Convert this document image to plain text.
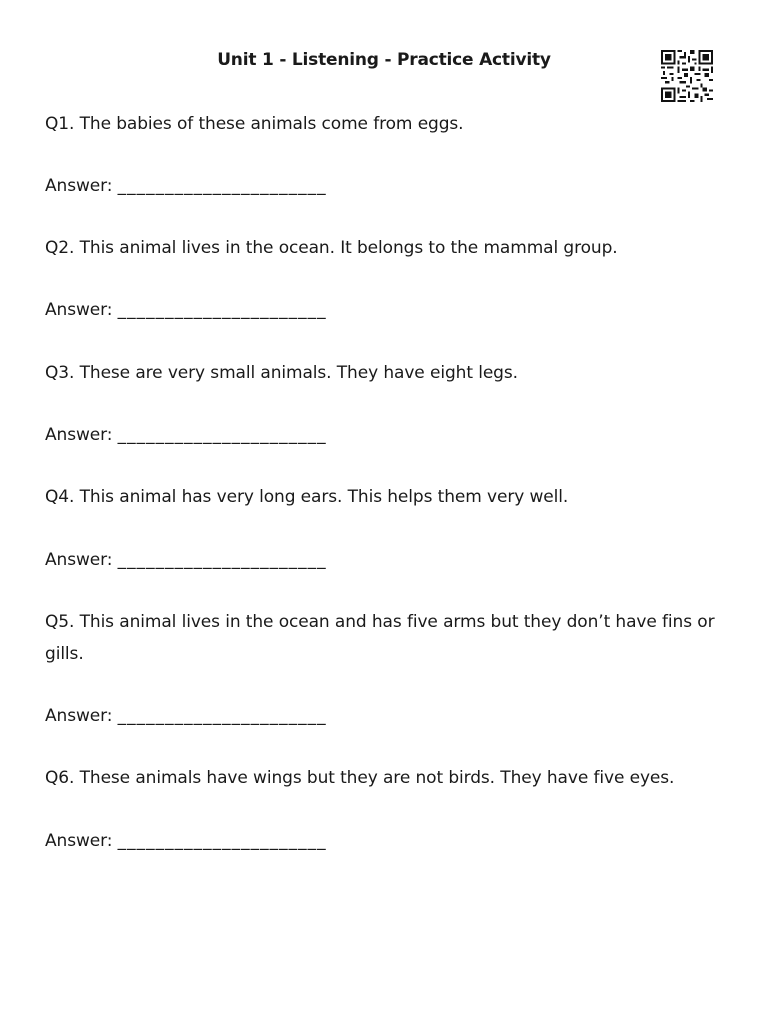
Unit 1 - Listening - Practice Activity
Q1. The babies of these animals come from eggs.
Answer: ______________________
Q2. This animal lives in the ocean. It belongs to the mammal group.
Answer: ______________________
Q3. These are very small animals. They have eight legs.
Answer: ______________________
Q4. This animal has very long ears. This helps them very well.
Answer: ______________________
Q5. This animal lives in the ocean and has five arms but they don’t have fins or gills.
Answer: ______________________
Q6. These animals have wings but they are not birds. They have five eyes.
Answer: ______________________
